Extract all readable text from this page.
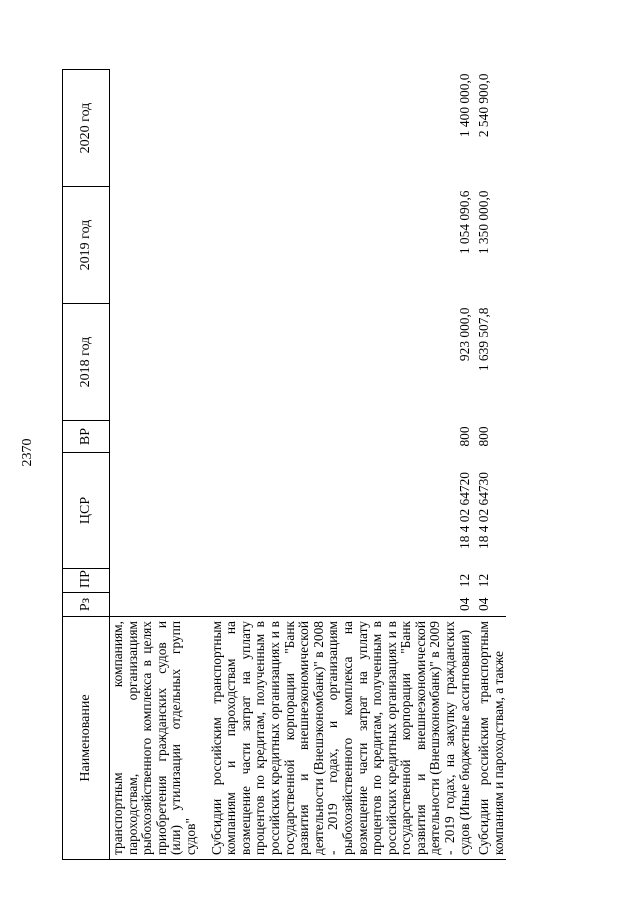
2370
Наименование	Рз	ПР	ЦСР	ВР	2018 год	2019 год	2020 год
транспортным компаниям, пароходствам, организациям рыбохозяйственного комплекса в целях приобретения гражданских судов и (или) утилизации отдельных групп судов"							
Субсидии российским транспортным компаниям и пароходствам на возмещение части затрат на уплату процентов по кредитам, полученным в российских кредитных организациях и в государственной корпорации "Банк развития и внешнеэкономической деятельности (Внешэкономбанк)" в 2008 - 2019 годах, и организациям рыбохозяйственного комплекса на возмещение части затрат на уплату процентов по кредитам, полученным в российских кредитных организациях и в государственной корпорации "Банк развития и внешнеэкономической деятельности (Внешэкономбанк)" в 2009 - 2019 годах, на закупку гражданских судов (Иные бюджетные ассигнования)	04	12	18 4 02 64720	800	923 000,0	1 054 090,6	1 400 000,0
Субсидии российским транспортным компаниям и пароходствам, а также	04	12	18 4 02 64730	800	1 639 507,8	1 350 000,0	2 540 900,0
